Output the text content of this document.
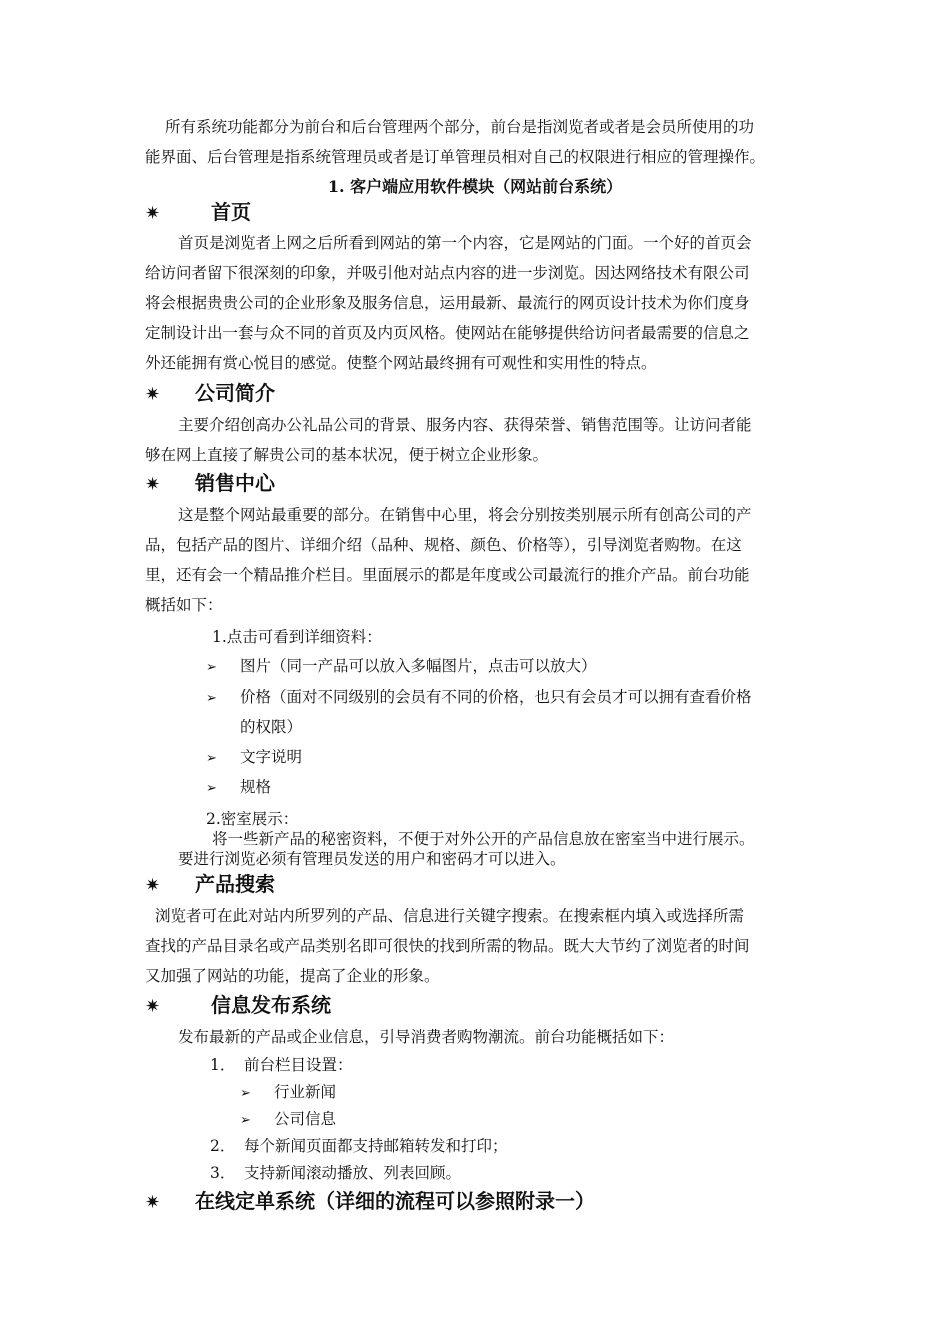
所有系统功能都分为前台和后台管理两个部分，前台是指浏览者或者是会员所使用的功
能界面、后台管理是指系统管理员或者是订单管理员相对自己的权限进行相应的管理操作。
1. 客户端应用软件模块（网站前台系统）
✷	首页
首页是浏览者上网之后所看到网站的第一个内容，它是网站的门面。一个好的首页会
给访问者留下很深刻的印象，并吸引他对站点内容的进一步浏览。因达网络技术有限公司
将会根据贵贵公司的企业形象及服务信息，运用最新、最流行的网页设计技术为你们度身
定制设计出一套与众不同的首页及内页风格。使网站在能够提供给访问者最需要的信息之
外还能拥有赏心悦目的感觉。使整个网站最终拥有可观性和实用性的特点。
✷ 公司简介
主要介绍创高办公礼品公司的背景、服务内容、获得荣誉、销售范围等。让访问者能
够在网上直接了解贵公司的基本状况，便于树立企业形象。
✷ 销售中心
这是整个网站最重要的部分。在销售中心里，将会分别按类别展示所有创高公司的产
品，包括产品的图片、详细介绍（品种、规格、颜色、价格等），引导浏览者购物。在这
里，还有会一个精品推介栏目。里面展示的都是年度或公司最流行的推介产品。前台功能
概括如下：
1.点击可看到详细资料：
➢ 图片（同一产品可以放入多幅图片，点击可以放大）
➢ 价格（面对不同级别的会员有不同的价格，也只有会员才可以拥有查看价格
的权限）
➢ 文字说明
➢ 规格
2.密室展示：
将一些新产品的秘密资料，不便于对外公开的产品信息放在密室当中进行展示。
要进行浏览必须有管理员发送的用户和密码才可以进入。
✷ 产品搜索
浏览者可在此对站内所罗列的产品、信息进行关键字搜索。在搜索框内填入或选择所需
查找的产品目录名或产品类别名即可很快的找到所需的物品。既大大节约了浏览者的时间
又加强了网站的功能，提高了企业的形象。
✷	信息发布系统
发布最新的产品或企业信息，引导消费者购物潮流。前台功能概括如下：
1． 前台栏目设置：
➢ 行业新闻
➢ 公司信息
2． 每个新闻页面都支持邮箱转发和打印；
3． 支持新闻滚动播放、列表回顾。
✷ 在线定单系统（详细的流程可以参照附录一）
